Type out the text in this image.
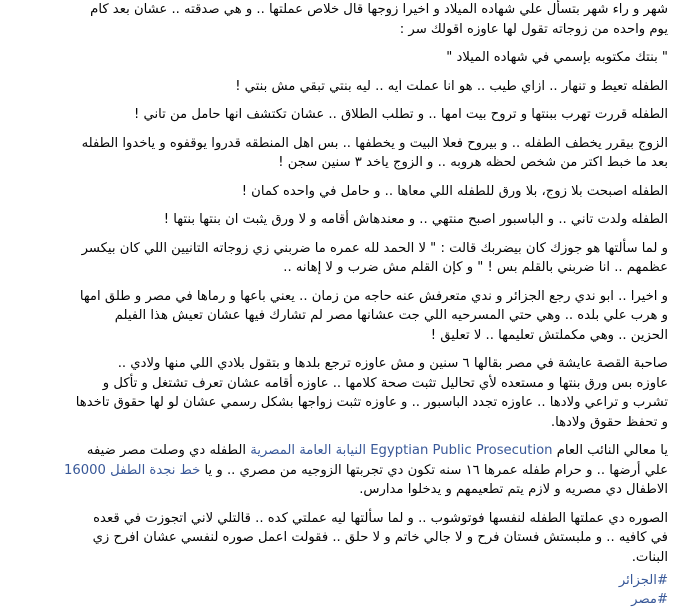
شهر و راء شهر بتسأل علي شهاده الميلاد و اخيرا زوجها قال خلاص عملتها .. و هي صدقته .. عشان بعد كام
يوم واحده من زوجاته تقول لها عاوزه اقولك سر :

" بنتك مكتوبه بإسمي في شهاده الميلاد "

الطفله تعيط و تنهار .. ازاي طيب .. هو انا عملت ايه .. ليه بنتي تبقي مش بنتي !

الطفله قررت تهرب ببنتها و تروح بيت امها .. و تطلب الطلاق .. عشان تكتشف انها حامل من تاني !

الزوج بيقرر يخطف الطفله .. و بيروح فعلا البيت و يخطفها .. بس اهل المنطقه قدروا يوقفوه و ياخدوا الطفله
بعد ما خبط اكتر من شخص لحظه هروبه .. و الزوج ياخد ٣ سنين سجن !

الطفله اصبحت بلا زوج، بلا ورق للطفله اللي معاها .. و حامل في واحده كمان !

الطفله ولدت تاني .. و الباسبور اصبح منتهي .. و معندهاش أقامه و لا ورق يثبت ان بنتها بنتها !

و لما سألتها هو جوزك كان بيضربك قالت : " لا الحمد لله عمره ما ضربني زي زوجاته التانيين اللي كان بيكسر
عظمهم .. انا ضربني بالقلم بس ! " و كإن القلم مش ضرب و لا إهانه ..

و اخيرا .. ابو ندي رجع الجزائر و ندي متعرفش عنه حاجه من زمان .. يعني باعها و رماها في مصر و طلق امها
و هرب علي بلده .. وهي حتي المسرحيه اللي جت عشانها مصر لم تشارك فيها عشان تعيش هذا الفيلم
الحزين .. وهي مكملتش تعليمها .. لا تعليق !

صاحبة القصة عايشة في مصر بقالها ٦ سنين و مش عاوزه ترجع بلدها و بتقول بلادي اللي منها ولادي ..
عاوزه بس ورق بنتها و مستعده لأي تحاليل تثبت صحة كلامها .. عاوزه أقامه عشان تعرف تشتغل و تأكل و
تشرب و تراعي ولادها .. عاوزه تجدد الباسبور .. و عاوزه تثبت زواجها بشكل رسمي عشان لو لها حقوق تاخدها
و تحفظ حقوق ولادها.

يا معالي النائب العام Egyptian Public Prosecution النيابة العامة المصرية الطفله دي وصلت مصر ضيفه
علي أرضها .. و حرام طفله عمرها ١٦ سنه تكون دي تجربتها الزوجيه من مصري .. و يا خط نجدة الطفل 16000
الاطفال دي مصريه و لازم يتم تطعيمهم و يدخلوا مدارس.

الصوره دي عملتها الطفله لنفسها فوتوشوب .. و لما سألتها ليه عملتي كده .. قالتلي لاني اتجوزت في قعده
في كافيه .. و ملبستش فستان فرح و لا جالي خاتم و لا حلق .. فقولت اعمل صوره لنفسي عشان افرح زي
البنات.

#الجزائر
#مصر
